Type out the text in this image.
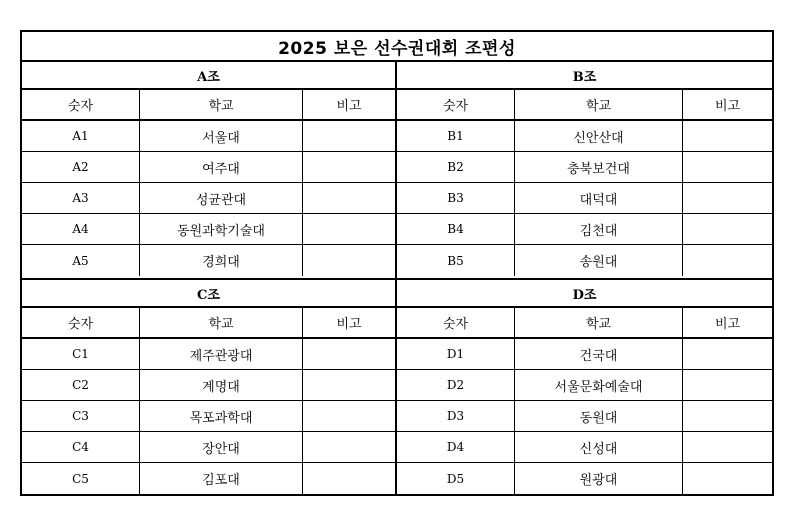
2025 보은 선수권대회 조편성
A조
숫자	학교	비고
A1	서울대
A2	여주대
A3	성균관대
A4	동원과학기술대
A5	경희대
B조
숫자	학교	비고
B1	신안산대
B2	충북보건대
B3	대덕대
B4	김천대
B5	송원대
C조
숫자	학교	비고
C1	제주관광대
C2	계명대
C3	목포과학대
C4	장안대
C5	김포대
D조
숫자	학교	비고
D1	건국대
D2	서울문화예술대
D3	동원대
D4	신성대
D5	원광대
